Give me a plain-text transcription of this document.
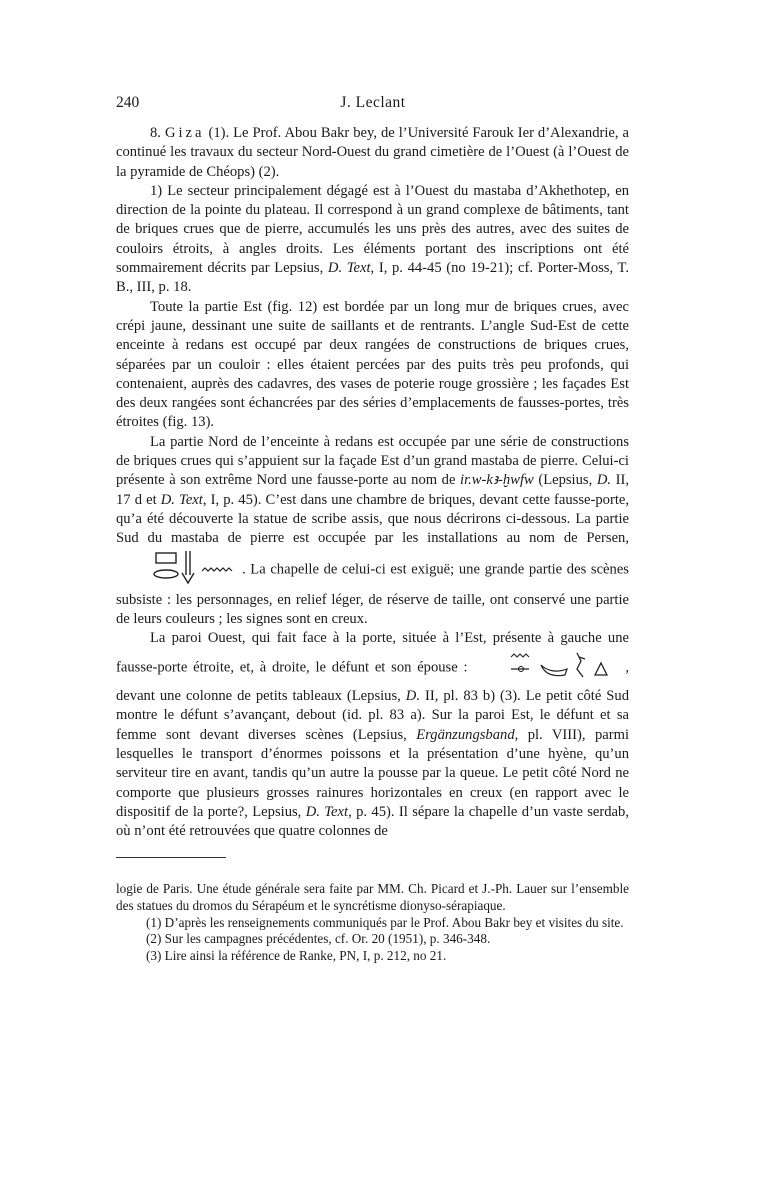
240	J. Leclant

8. Giza (1). Le Prof. Abou Bakr bey, de l’Université Farouk Ier d’Alexandrie, a continué les travaux du secteur Nord-Ouest du grand cimetière de l’Ouest (à l’Ouest de la pyramide de Chéops) (2).

1) Le secteur principalement dégagé est à l’Ouest du mastaba d’Akhethotep, en direction de la pointe du plateau. Il correspond à un grand complexe de bâtiments, tant de briques crues que de pierre, accumulés les uns près des autres, avec des suites de couloirs étroits, à angles droits. Les éléments portant des inscriptions ont été sommairement décrits par Lepsius, D. Text, I, p. 44-45 (no 19-21); cf. Porter-Moss, T. B., III, p. 18.

Toute la partie Est (fig. 12) est bordée par un long mur de briques crues, avec crépi jaune, dessinant une suite de saillants et de rentrants. L’angle Sud-Est de cette enceinte à redans est occupé par deux rangées de constructions de briques crues, séparées par un couloir : elles étaient percées par des puits très peu profonds, qui contenaient, auprès des cadavres, des vases de poterie rouge grossière ; les façades Est des deux rangées sont échancrées par des séries d’emplacements de fausses-portes, très étroites (fig. 13).

La partie Nord de l’enceinte à redans est occupée par une série de constructions de briques crues qui s’appuient sur la façade Est d’un grand mastaba de pierre. Celui-ci présente à son extrême Nord une fausse-porte au nom de ir.w-kꜣ-ḫwfw (Lepsius, D. II, 17 d et D. Text, I, p. 45). C’est dans une chambre de briques, devant cette fausse-porte, qu’a été découverte la statue de scribe assis, que nous décrirons ci-dessous. La partie Sud du mastaba de pierre est occupée par les installations au nom de Persen, . La chapelle de celui-ci est exiguë; une grande partie des scènes subsiste : les personnages, en relief léger, de réserve de taille, ont conservé une partie de leurs couleurs ; les signes sont en creux.

La paroi Ouest, qui fait face à la porte, située à l’Est, présente à gauche une fausse-porte étroite, et, à droite, le défunt et son épouse :	, devant une colonne de petits tableaux (Lepsius, D. II, pl. 83 b) (3). Le petit côté Sud montre le défunt s’avançant, debout (id. pl. 83 a). Sur la paroi Est, le défunt et sa femme sont devant diverses scènes (Lepsius, Ergänzungsband, pl. VIII), parmi lesquelles le transport d’énormes poissons et la présentation d’une hyène, qu’un serviteur tire en avant, tandis qu’un autre la pousse par la queue. Le petit côté Nord ne comporte que plusieurs grosses rainures horizontales en creux (en rapport avec le dispositif de la porte?, Lepsius, D. Text, p. 45). Il sépare la chapelle d’un vaste serdab, où n’ont été retrouvées que quatre colonnes de

logie de Paris. Une étude générale sera faite par MM. Ch. Picard et J.-Ph. Lauer sur l’ensemble des statues du dromos du Sérapéum et le syncrétisme dionyso-sérapiaque.

(1) D’après les renseignements communiqués par le Prof. Abou Bakr bey et visites du site.

(2) Sur les campagnes précédentes, cf. Or. 20 (1951), p. 346-348.

(3) Lire ainsi la référence de Ranke, PN, I, p. 212, no 21.
